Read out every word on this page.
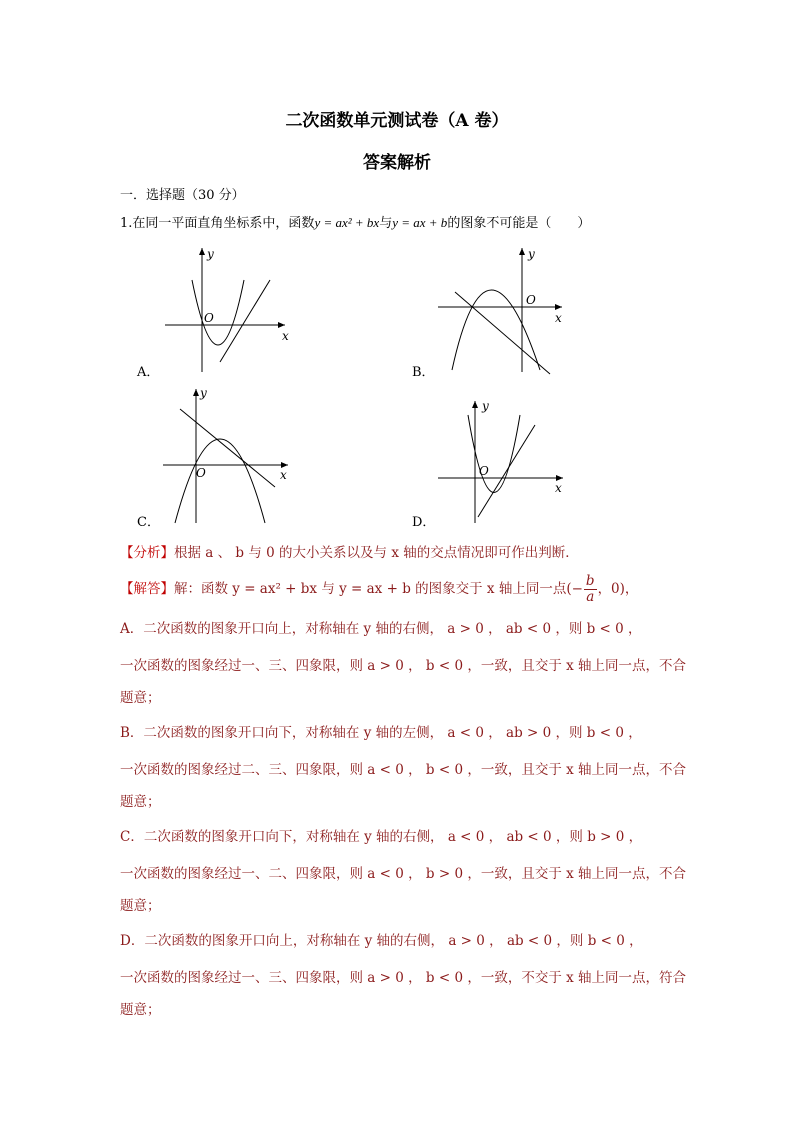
二次函数单元测试卷（A 卷）
答案解析
一．选择题（30 分）
1.在同一平面直角坐标系中，函数y = ax² + bx与y = ax + b的图象不可能是（　　）
y
x
O
A．
y
x
O
B．
y
x
O
C．
y
x
O
D．
【分析】根据 a 、 b 与 0 的大小关系以及与 x 轴的交点情况即可作出判断．
【解答】解：函数 y = ax² + bx 与 y = ax + b 的图象交于 x 轴上同一点(− $\frac{b}{a}$ ，0)，
A．二次函数的图象开口向上，对称轴在 y 轴的右侧， a > 0 ， ab < 0 ，则 b < 0 ，
一次函数的图象经过一、三、四象限，则 a > 0 ， b < 0 ，一致，且交于 x 轴上同一点，不合
题意；
B．二次函数的图象开口向下，对称轴在 y 轴的左侧， a < 0 ， ab > 0 ，则 b < 0 ，
一次函数的图象经过二、三、四象限，则 a < 0 ， b < 0 ，一致，且交于 x 轴上同一点，不合
题意；
C．二次函数的图象开口向下，对称轴在 y 轴的右侧， a < 0 ， ab < 0 ，则 b > 0 ，
一次函数的图象经过一、二、四象限，则 a < 0 ， b > 0 ，一致，且交于 x 轴上同一点，不合
题意；
D．二次函数的图象开口向上，对称轴在 y 轴的右侧， a > 0 ， ab < 0 ，则 b < 0 ，
一次函数的图象经过一、三、四象限，则 a > 0 ， b < 0 ，一致，不交于 x 轴上同一点，符合
题意；
